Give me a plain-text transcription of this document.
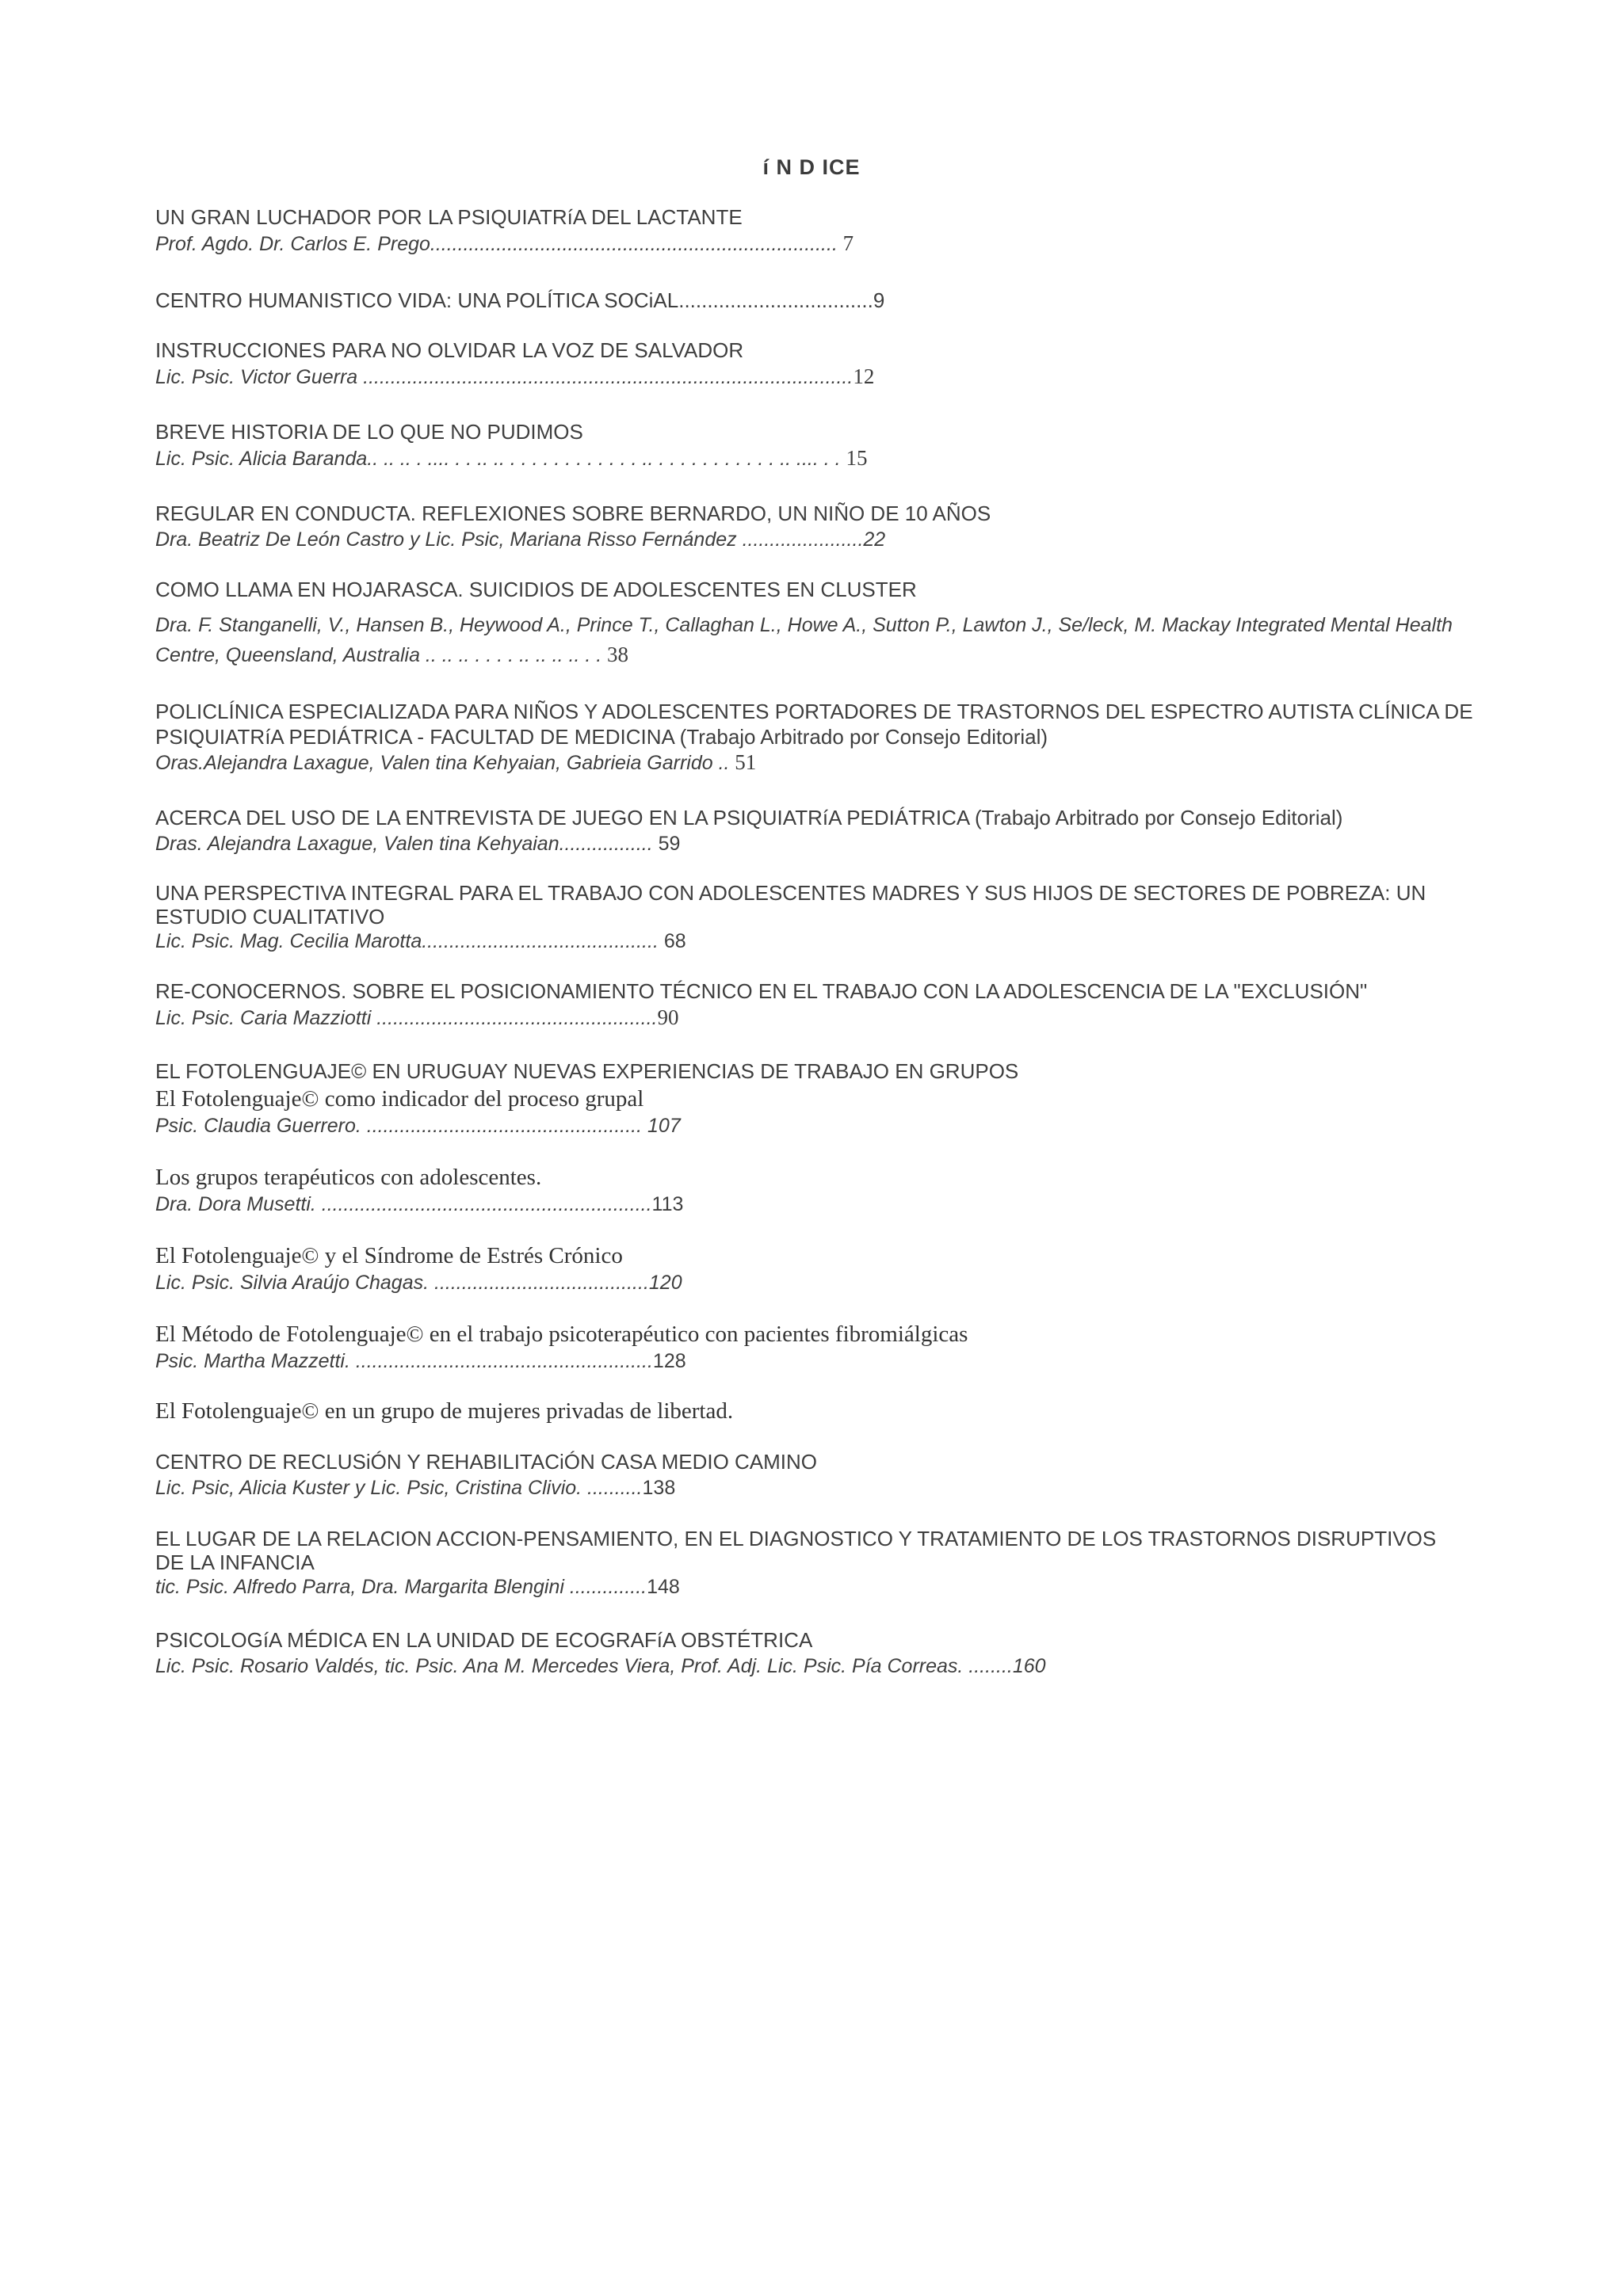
í N D ICE
UN GRAN LUCHADOR POR LA PSIQUIATRíA DEL LACTANTE
Prof. Agdo. Dr. Carlos E. Prego.......................................................................... 7
CENTRO HUMANISTICO VIDA: UNA POLÍTICA SOCiAL..................................9
INSTRUCCIONES PARA NO OLVIDAR LA VOZ DE SALVADOR
Lic. Psic. Victor Guerra .........................................................................................12
BREVE HISTORIA DE LO QUE NO PUDIMOS
Lic. Psic. Alicia Baranda.. .. .. . .... . . .. .. . . . . . . . . . . . . .. . . . . . . . . . . . .. .... . . 15
REGULAR EN CONDUCTA. REFLEXIONES SOBRE BERNARDO, UN NIÑO DE 10 AÑOS
Dra. Beatriz De León Castro y Lic. Psic, Mariana Risso Fernández ......................22
COMO LLAMA EN HOJARASCA. SUICIDIOS DE ADOLESCENTES EN CLUSTER
Dra. F. Stanganelli, V., Hansen B., Heywood A., Prince T., Callaghan L., Howe A., Sutton P., Lawton J., Se/leck, M. Mackay Integrated Mental Health Centre, Queensland, Australia .. .. .. . . . . .. .. .. .. . . 38
POLICLÍNICA ESPECIALIZADA PARA NIÑOS Y ADOLESCENTES PORTADORES DE TRASTORNOS DEL ESPECTRO AUTISTA CLÍNICA DE PSIQUIATRíA PEDIÁTRICA - FACULTAD DE MEDICINA (Trabajo Arbitrado por Consejo Editorial)
Oras.Alejandra Laxague, Valen tina Kehyaian, Gabrieia Garrido .. 51
ACERCA DEL USO DE LA ENTREVISTA DE JUEGO EN LA PSIQUIATRíA PEDIÁTRICA (Trabajo Arbitrado por Consejo Editorial)
Dras. Alejandra Laxague, Valen tina Kehyaian................. 59
UNA PERSPECTIVA INTEGRAL PARA EL TRABAJO CON ADOLESCENTES MADRES Y SUS HIJOS DE SECTORES DE POBREZA: UN ESTUDIO CUALITATIVO
Lic. Psic. Mag. Cecilia Marotta........................................... 68
RE-CONOCERNOS. SOBRE EL POSICIONAMIENTO TÉCNICO EN EL TRABAJO CON LA ADOLESCENCIA DE LA "EXCLUSIÓN"
Lic. Psic. Caria Mazziotti ...................................................90
EL FOTOLENGUAJE© EN URUGUAY NUEVAS EXPERIENCIAS DE TRABAJO EN GRUPOS
El Fotolenguaje© como indicador del proceso grupal
Psic. Claudia Guerrero. .................................................. 107
Los grupos terapéuticos con adolescentes.
Dra. Dora Musetti. ............................................................113
El Fotolenguaje© y el Síndrome de Estrés Crónico
Lic. Psic. Silvia Araújo Chagas. .......................................120
El Método de Fotolenguaje© en el trabajo psicoterapéutico con pacientes fibromiálgicas
Psic. Martha Mazzetti. ......................................................128
El Fotolenguaje© en un grupo de mujeres privadas de libertad.
CENTRO DE RECLUSiÓN Y REHABILITACiÓN CASA MEDIO CAMINO
Lic. Psic, Alicia Kuster y Lic. Psic, Cristina Clivio. ..........138
EL LUGAR DE LA RELACION ACCION-PENSAMIENTO, EN EL DIAGNOSTICO Y TRATAMIENTO DE LOS TRASTORNOS DISRUPTIVOS DE LA INFANCIA
tic. Psic. Alfredo Parra, Dra. Margarita Blengini ..............148
PSICOLOGíA MÉDICA EN LA UNIDAD DE ECOGRAFíA OBSTÉTRICA
Lic. Psic. Rosario Valdés, tic. Psic. Ana M. Mercedes Viera, Prof. Adj. Lic. Psic. Pía Correas. ........160
